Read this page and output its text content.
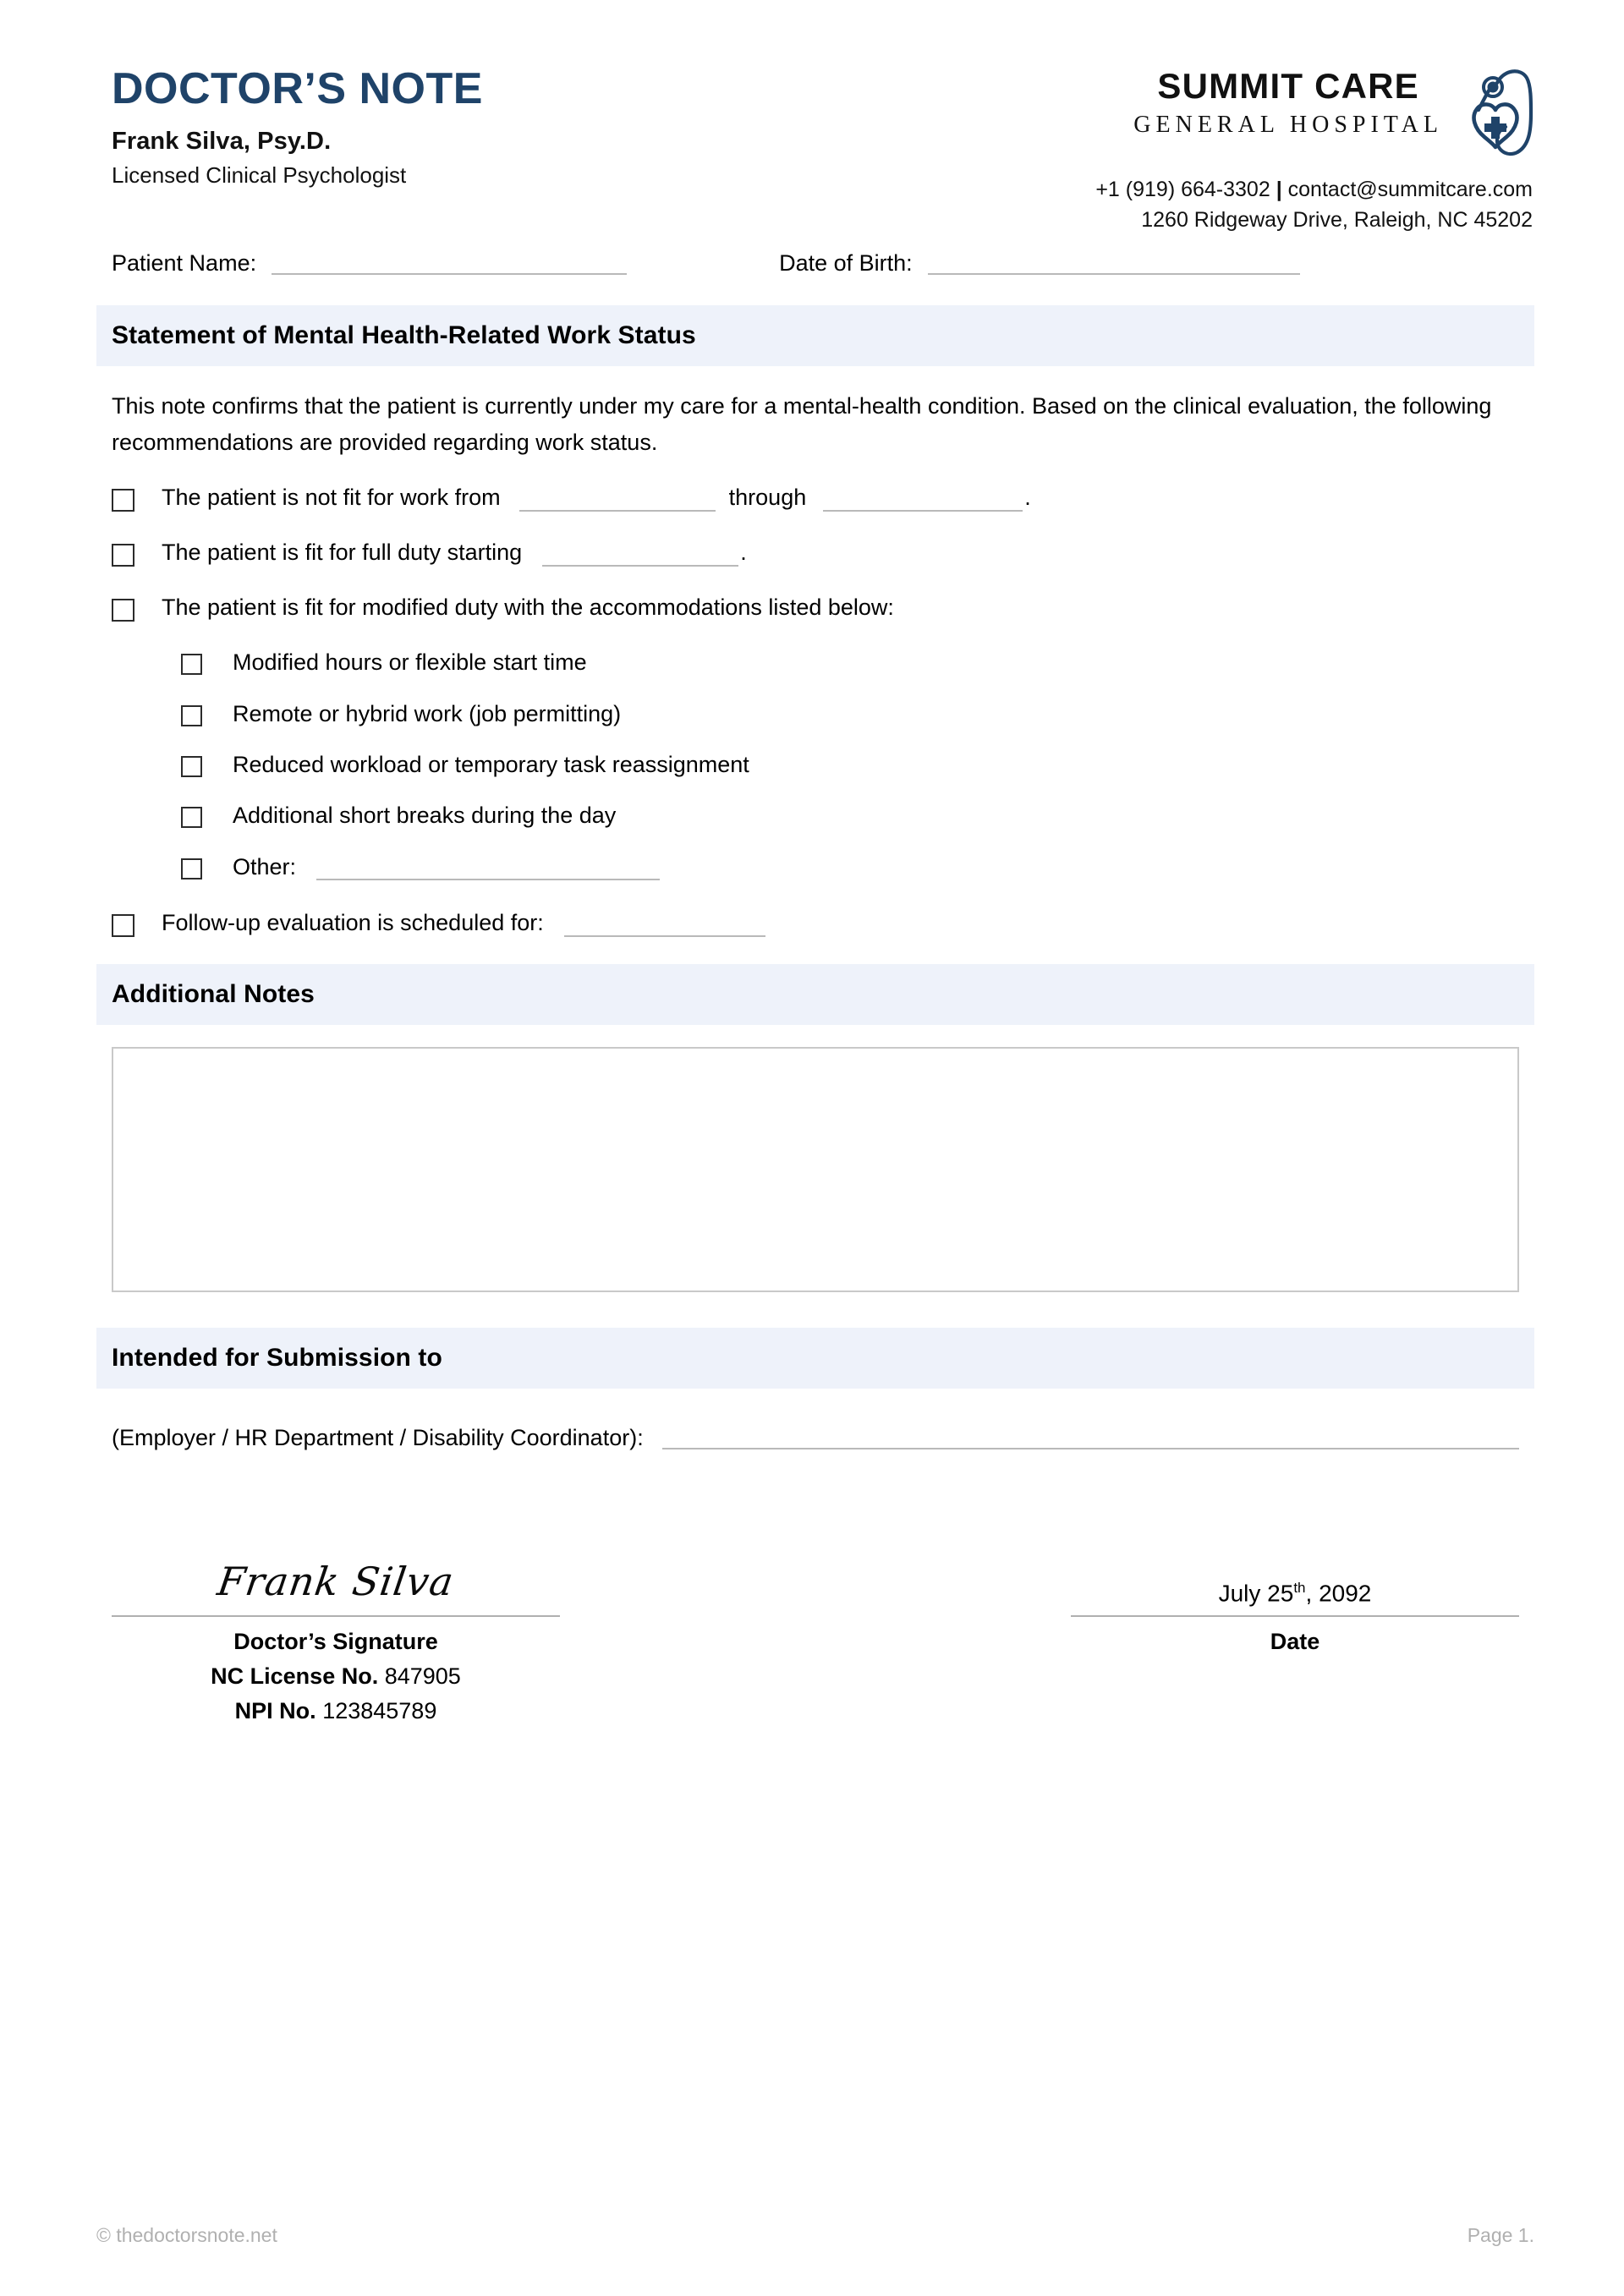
DOCTOR’S NOTE
Frank Silva, Psy.D.
Licensed Clinical Psychologist
SUMMIT CARE
GENERAL HOSPITAL
+1 (919) 664-3302 | contact@summitcare.com
1260 Ridgeway Drive, Raleigh, NC 45202
Patient Name:	Date of Birth:
Statement of Mental Health-Related Work Status

This note confirms that the patient is currently under my care for a mental-health condition. Based on the clinical evaluation, the following recommendations are provided regarding work status.

The patient is not fit for work from	through	.
The patient is fit for full duty starting	.
The patient is fit for modified duty with the accommodations listed below:
Modified hours or flexible start time
Remote or hybrid work (job permitting)
Reduced workload or temporary task reassignment
Additional short breaks during the day
Other:
Follow-up evaluation is scheduled for:
Additional Notes
Intended for Submission to
(Employer / HR Department / Disability Coordinator):
Frank Silva
Doctor’s Signature
NC License No. 847905
NPI No. 123845789
July 25th, 2092
Date
© thedoctorsnote.net	Page 1.
